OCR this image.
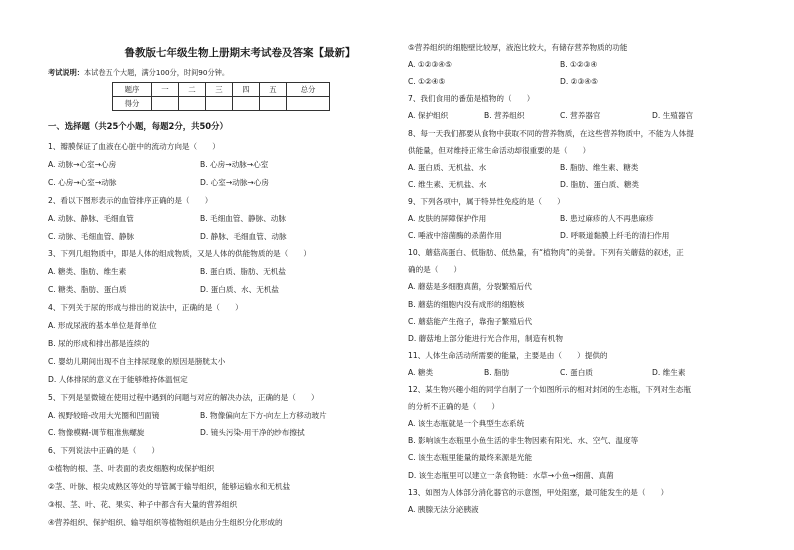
鲁教版七年级生物上册期末考试卷及答案【最新】
考试说明：本试卷五个大题，满分100分，时间90分钟。
题序	一	二	三	四	五	总分
得分						
一、选择题（共25个小题，每题2分，共50分）
1、瓣膜保证了血液在心脏中的流动方向是（　　）
A. 动脉→心室→心房	B. 心房→动脉→心室
C. 心房→心室→动脉	D. 心室→动脉→心房
2、看以下图形表示的血管排序正确的是（　　）
A. 动脉、静脉、毛细血管	B. 毛细血管、静脉、动脉
C. 动脉、毛细血管、静脉	D. 静脉、毛细血管、动脉
3、下列几组物质中，即是人体的组成物质，又是人体的供能物质的是（　　）
A. 糖类、脂肪、维生素	B. 蛋白质、脂肪、无机盐
C. 糖类、脂肪、蛋白质	D. 蛋白质、水、无机盐
4、下列关于尿的形成与排出的说法中，正确的是（　　）
A. 形成尿液的基本单位是肾单位
B. 尿的形成和排出都是连续的
C. 婴幼儿期间出现不自主排尿现象的原因是膀胱太小
D. 人体排尿的意义在于能够维持体温恒定
5、下列是显微镜在使用过程中遇到的问题与对应的解决办法，正确的是（　　）
A. 视野较暗-改用大光圈和凹面镜	B. 物像偏向左下方-向左上方移动玻片
C. 物像模糊-调节粗准焦螺旋	D. 镜头污染-用干净的纱布擦拭
6、下列说法中正确的是（　　）
①植物的根、茎、叶表面的表皮细胞构成保护组织
②茎、叶脉、根尖成熟区等处的导管属于输导组织，能够运输水和无机盐
③根、茎、叶、花、果实、种子中都含有大量的营养组织
④营养组织、保护组织、输导组织等植物组织是由分生组织分化形成的
⑤营养组织的细胞壁比较厚，液泡比较大，有储存营养物质的功能
A. ①②③④⑤	B. ①②③④
C. ①②④⑤	D. ②③④⑤
7、我们食用的番茄是植物的（　　）
A. 保护组织	B. 营养组织	C. 营养器官	D. 生殖器官
8、每一天我们都要从食物中获取不同的营养物质，在这些营养物质中，不能为人体提
供能量，但对维持正常生命活动却很重要的是（　　）
A. 蛋白质、无机盐、水	B. 脂肪、维生素、糖类
C. 维生素、无机盐、水	D. 脂肪、蛋白质、糖类
9、下列各项中，属于特异性免疫的是（　　）
A. 皮肤的屏障保护作用	B. 患过麻疹的人不再患麻疹
C. 唾液中溶菌酶的杀菌作用	D. 呼吸道黏膜上纤毛的清扫作用
10、蘑菇高蛋白、低脂肪、低热量，有“植物肉”的美誉。下列有关蘑菇的叙述，正
确的是（　　）
A. 蘑菇是多细胞真菌，分裂繁殖后代
B. 蘑菇的细胞内没有成形的细胞核
C. 蘑菇能产生孢子，靠孢子繁殖后代
D. 蘑菇地上部分能进行光合作用，制造有机物
11、人体生命活动所需要的能量，主要是由（　　）提供的
A. 糖类	B. 脂肪	C. 蛋白质	D. 维生素
12、某生物兴趣小组的同学自制了一个如图所示的相对封闭的生态瓶，下列对生态瓶
的分析不正确的是（　　）
A. 该生态瓶就是一个典型生态系统
B. 影响该生态瓶里小鱼生活的非生物因素有阳光、水、空气、温度等
C. 该生态瓶里能量的最终来源是光能
D. 该生态瓶里可以建立一条食物链：水草→小鱼→细菌、真菌
13、如图为人体部分消化器官的示意图，甲处阻塞，最可能发生的是（　　）
A. 胰腺无法分泌胰液
